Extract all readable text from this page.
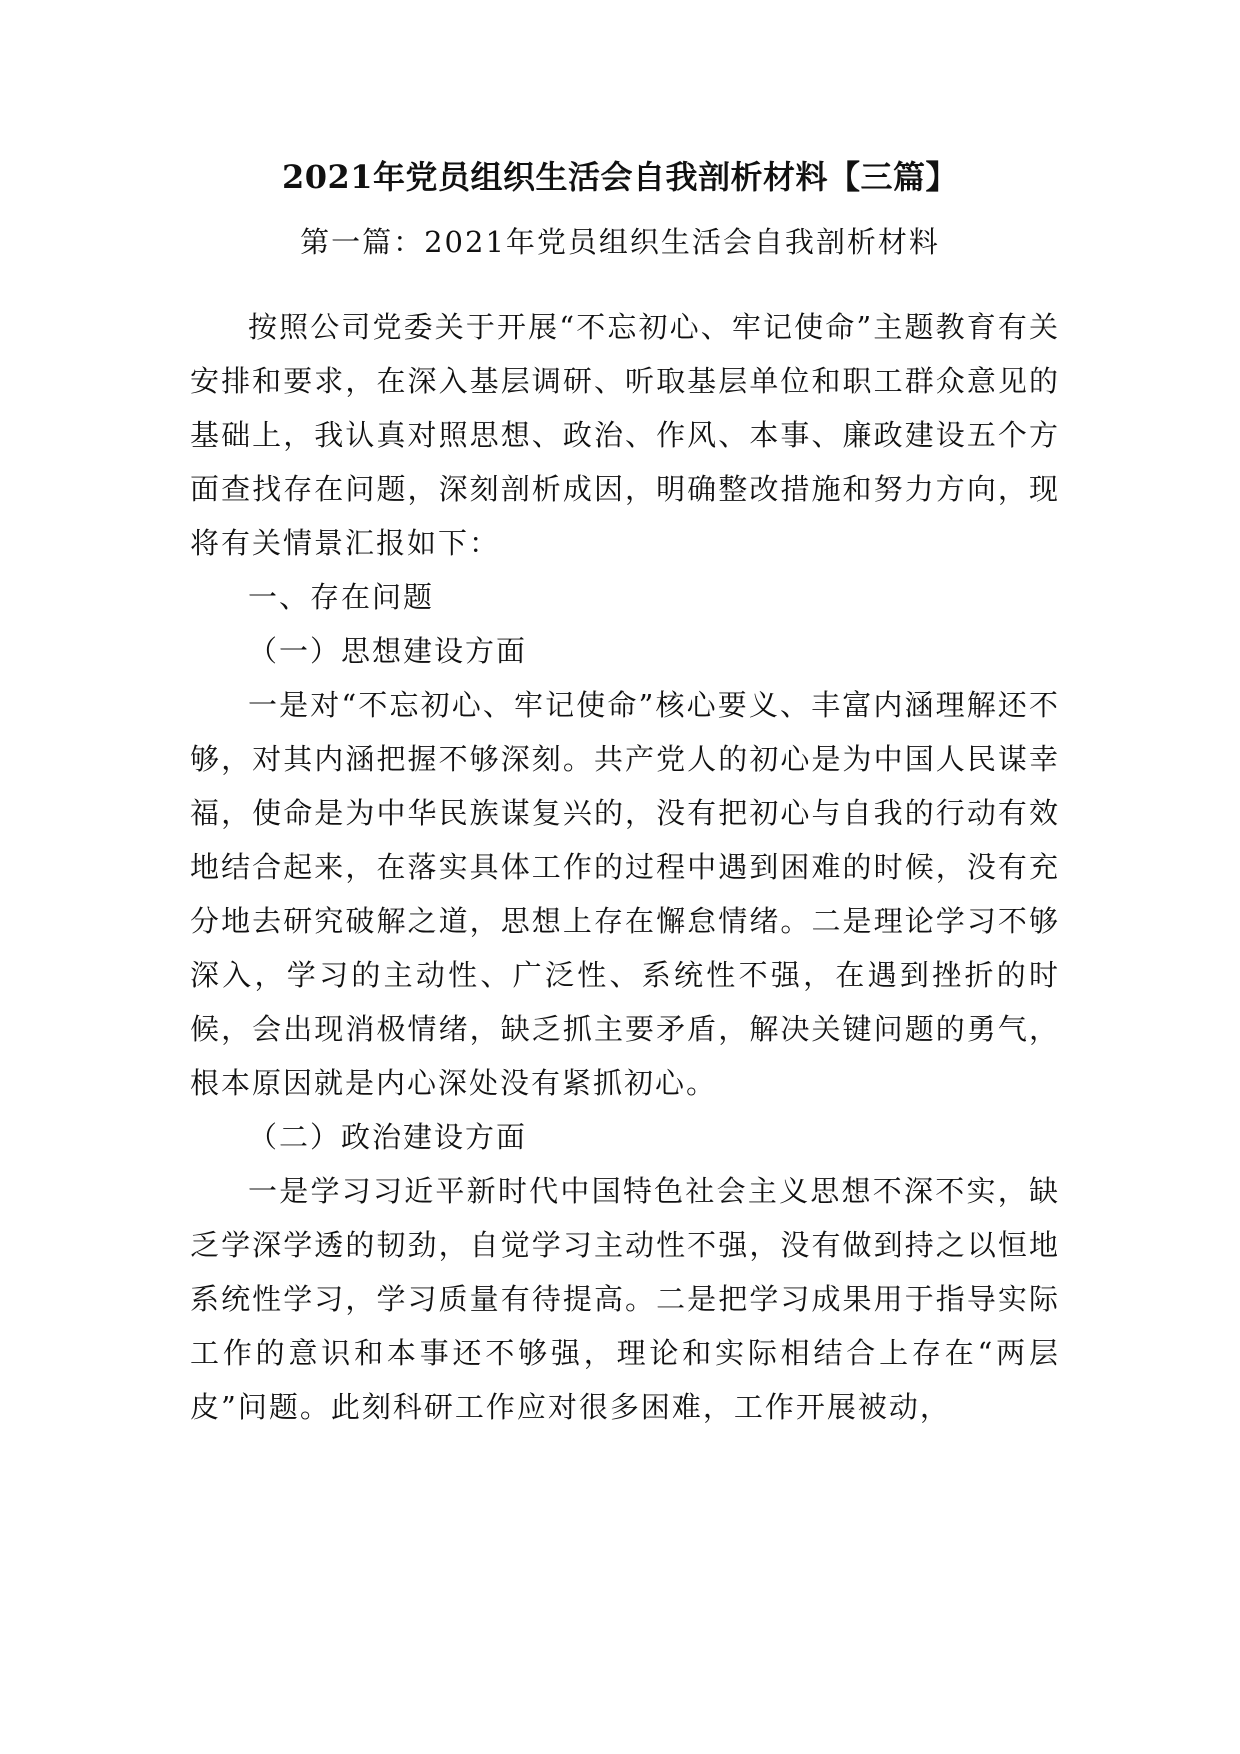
2021年党员组织生活会自我剖析材料【三篇】
第一篇：2021年党员组织生活会自我剖析材料

按照公司党委关于开展“不忘初心、牢记使命”主题教育有关安排和要求，在深入基层调研、听取基层单位和职工群众意见的基础上，我认真对照思想、政治、作风、本事、廉政建设五个方面查找存在问题，深刻剖析成因，明确整改措施和努力方向，现将有关情景汇报如下：

一、存在问题

（一）思想建设方面

一是对“不忘初心、牢记使命”核心要义、丰富内涵理解还不够，对其内涵把握不够深刻。共产党人的初心是为中国人民谋幸福，使命是为中华民族谋复兴的，没有把初心与自我的行动有效地结合起来，在落实具体工作的过程中遇到困难的时候，没有充分地去研究破解之道，思想上存在懈怠情绪。二是理论学习不够深入，学习的主动性、广泛性、系统性不强，在遇到挫折的时候，会出现消极情绪，缺乏抓主要矛盾，解决关键问题的勇气，根本原因就是内心深处没有紧抓初心。

（二）政治建设方面

一是学习习近平新时代中国特色社会主义思想不深不实，缺乏学深学透的韧劲，自觉学习主动性不强，没有做到持之以恒地系统性学习，学习质量有待提高。二是把学习成果用于指导实际工作的意识和本事还不够强，理论和实际相结合上存在“两层皮”问题。此刻科研工作应对很多困难，工作开展被动，
